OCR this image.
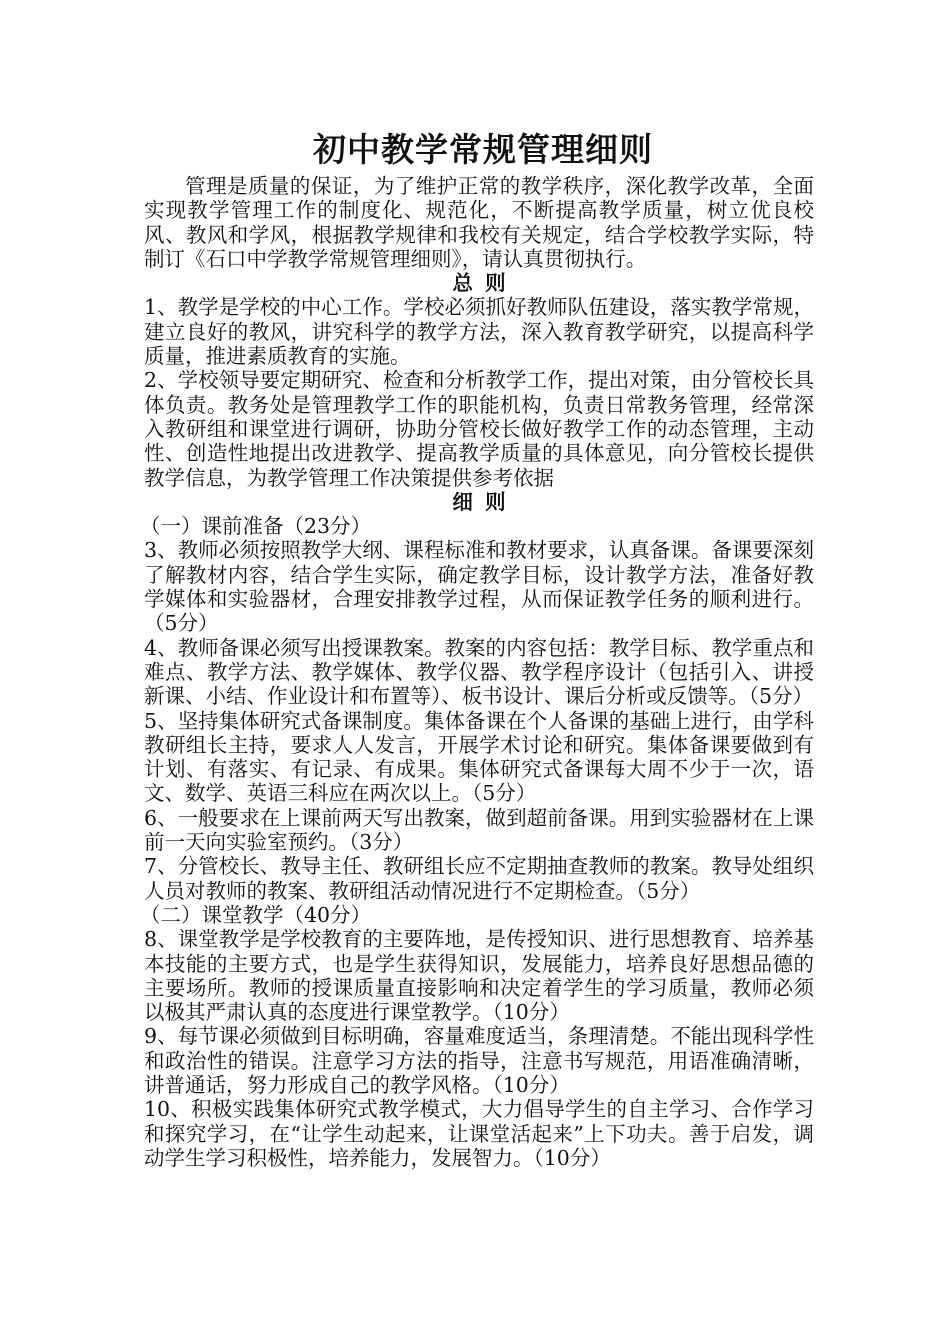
初中教学常规管理细则

管理是质量的保证，为了维护正常的教学秩序，深化教学改革，全面实现教学管理工作的制度化、规范化，不断提高教学质量，树立优良校风、教风和学风，根据教学规律和我校有关规定，结合学校教学实际，特制订《石口中学教学常规管理细则》，请认真贯彻执行。

总则

1、教学是学校的中心工作。学校必须抓好教师队伍建设，落实教学常规，建立良好的教风，讲究科学的教学方法，深入教育教学研究，以提高科学质量，推进素质教育的实施。

2、学校领导要定期研究、检查和分析教学工作，提出对策，由分管校长具体负责。教务处是管理教学工作的职能机构，负责日常教务管理，经常深入教研组和课堂进行调研，协助分管校长做好教学工作的动态管理，主动性、创造性地提出改进教学、提高教学质量的具体意见，向分管校长提供教学信息，为教学管理工作决策提供参考依据

细则

（一）课前准备（23分）

3、教师必须按照教学大纲、课程标准和教材要求，认真备课。备课要深刻了解教材内容，结合学生实际，确定教学目标，设计教学方法，准备好教学媒体和实验器材，合理安排教学过程，从而保证教学任务的顺利进行。（5分）

4、教师备课必须写出授课教案。教案的内容包括：教学目标、教学重点和难点、教学方法、教学媒体、教学仪器、教学程序设计（包括引入、讲授新课、小结、作业设计和布置等）、板书设计、课后分析或反馈等。（5分）

5、坚持集体研究式备课制度。集体备课在个人备课的基础上进行，由学科教研组长主持，要求人人发言，开展学术讨论和研究。集体备课要做到有计划、有落实、有记录、有成果。集体研究式备课每大周不少于一次，语文、数学、英语三科应在两次以上。（5分）

6、一般要求在上课前两天写出教案，做到超前备课。用到实验器材在上课前一天向实验室预约。（3分）

7、分管校长、教导主任、教研组长应不定期抽查教师的教案。教导处组织人员对教师的教案、教研组活动情况进行不定期检查。（5分）

（二）课堂教学（40分）

8、课堂教学是学校教育的主要阵地，是传授知识、进行思想教育、培养基本技能的主要方式，也是学生获得知识，发展能力，培养良好思想品德的主要场所。教师的授课质量直接影响和决定着学生的学习质量，教师必须以极其严肃认真的态度进行课堂教学。（10分）

9、每节课必须做到目标明确，容量难度适当，条理清楚。不能出现科学性和政治性的错误。注意学习方法的指导，注意书写规范，用语准确清晰，讲普通话，努力形成自己的教学风格。（10分）

10、积极实践集体研究式教学模式，大力倡导学生的自主学习、合作学习和探究学习，在“让学生动起来，让课堂活起来”上下功夫。善于启发，调动学生学习积极性，培养能力，发展智力。（10分）
